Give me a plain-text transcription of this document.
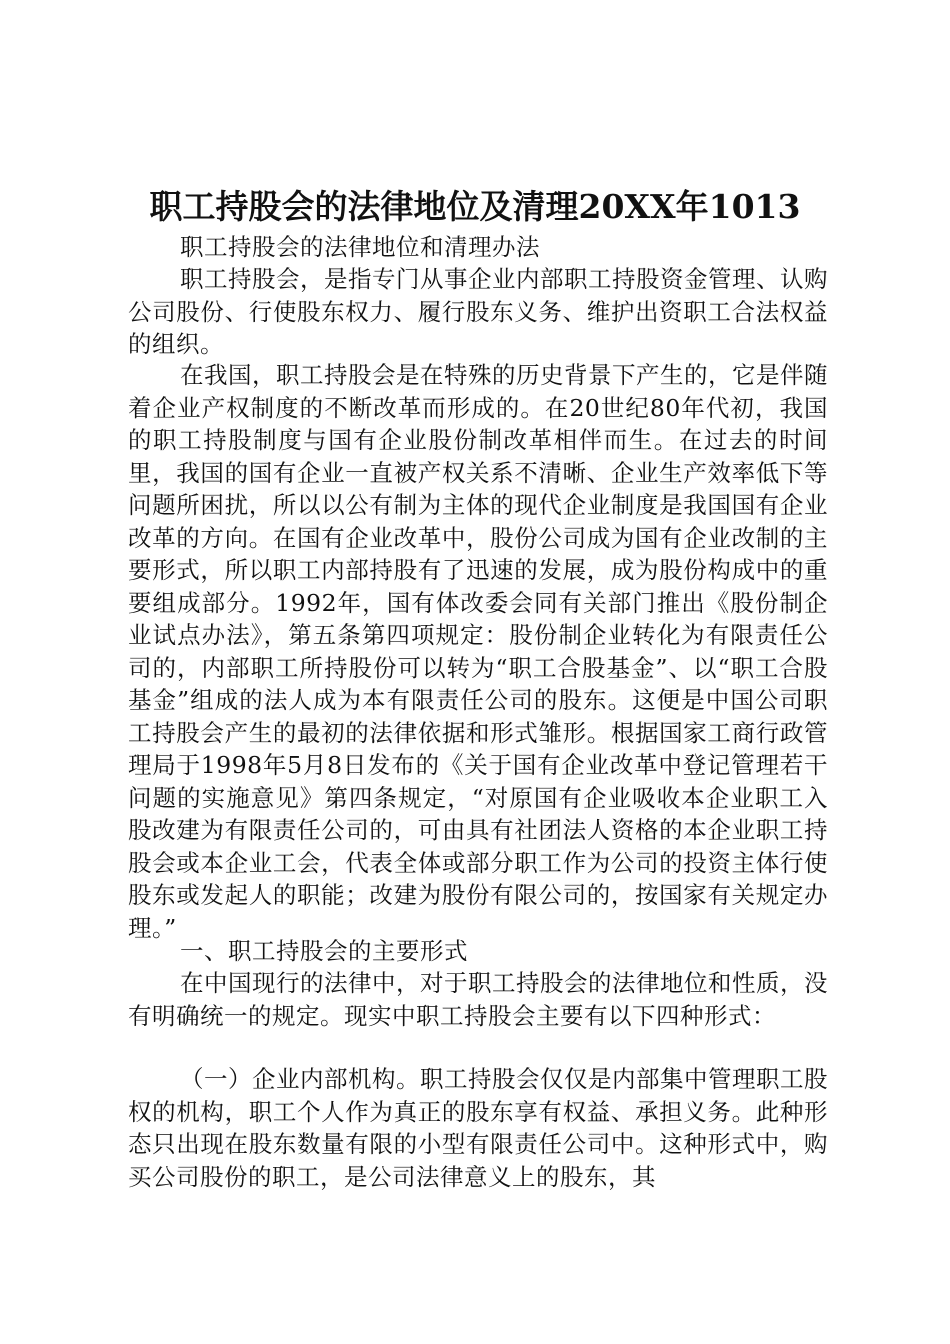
职工持股会的法律地位及清理20XX年1013

职工持股会的法律地位和清理办法

职工持股会，是指专门从事企业内部职工持股资金管理、认购公司股份、行使股东权力、履行股东义务、维护出资职工合法权益的组织。

在我国，职工持股会是在特殊的历史背景下产生的，它是伴随着企业产权制度的不断改革而形成的。在20世纪80年代初，我国的职工持股制度与国有企业股份制改革相伴而生。在过去的时间里，我国的国有企业一直被产权关系不清晰、企业生产效率低下等问题所困扰，所以以公有制为主体的现代企业制度是我国国有企业改革的方向。在国有企业改革中，股份公司成为国有企业改制的主要形式，所以职工内部持股有了迅速的发展，成为股份构成中的重要组成部分。1992年，国有体改委会同有关部门推出《股份制企业试点办法》，第五条第四项规定：股份制企业转化为有限责任公司的，内部职工所持股份可以转为“职工合股基金”、以“职工合股基金”组成的法人成为本有限责任公司的股东。这便是中国公司职工持股会产生的最初的法律依据和形式雏形。根据国家工商行政管理局于1998年5月8日发布的《关于国有企业改革中登记管理若干问题的实施意见》第四条规定，“对原国有企业吸收本企业职工入股改建为有限责任公司的，可由具有社团法人资格的本企业职工持股会或本企业工会，代表全体或部分职工作为公司的投资主体行使股东或发起人的职能；改建为股份有限公司的，按国家有关规定办理。”

一、职工持股会的主要形式

在中国现行的法律中，对于职工持股会的法律地位和性质，没有明确统一的规定。现实中职工持股会主要有以下四种形式：

（一）企业内部机构。职工持股会仅仅是内部集中管理职工股权的机构，职工个人作为真正的股东享有权益、承担义务。此种形态只出现在股东数量有限的小型有限责任公司中。这种形式中，购买公司股份的职工，是公司法律意义上的股东，其
